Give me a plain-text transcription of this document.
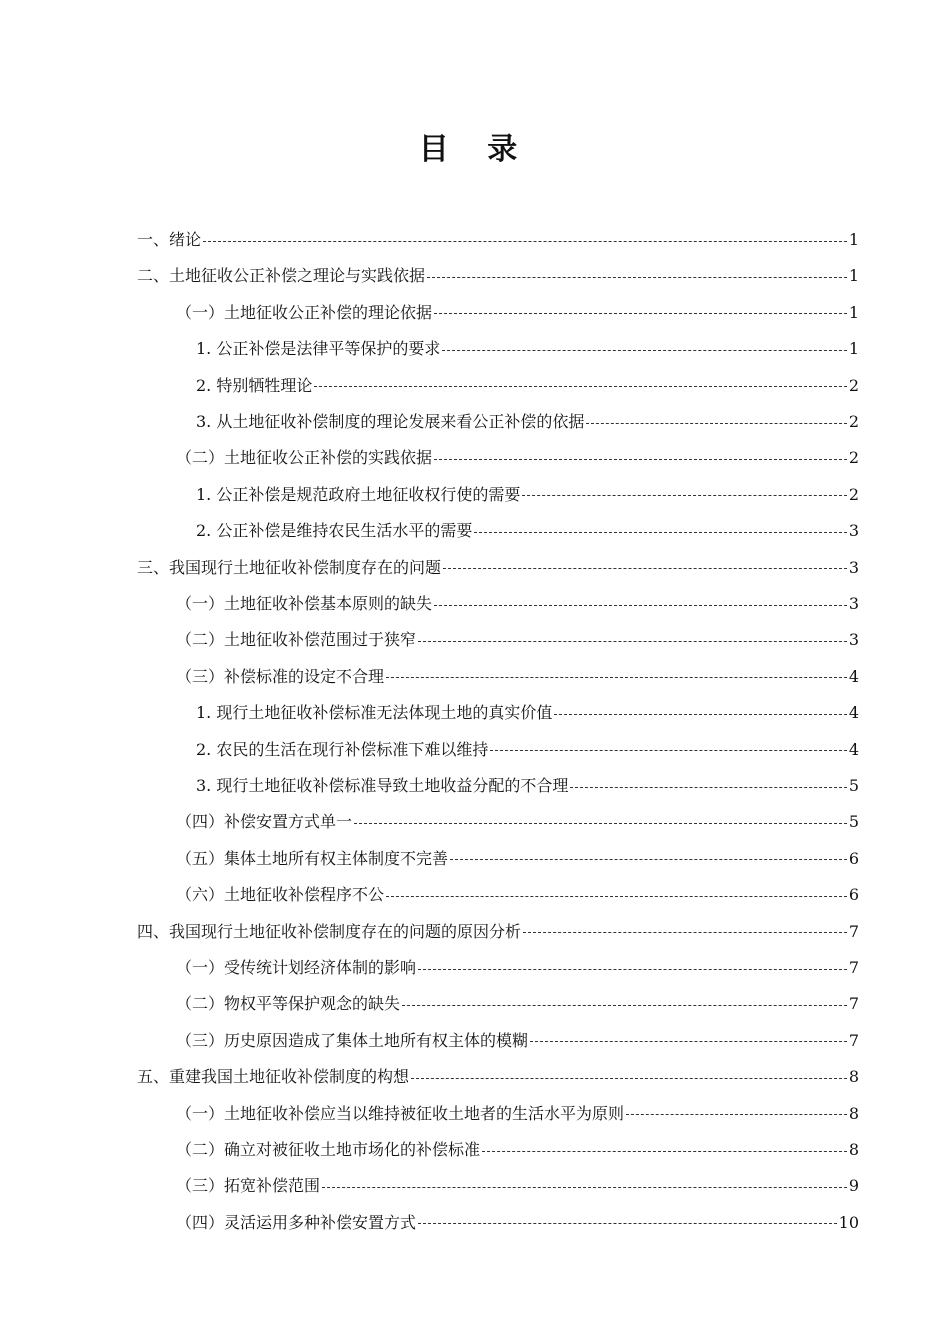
目 录
一、绪论	1
二、土地征收公正补偿之理论与实践依据	1
（一）土地征收公正补偿的理论依据	1
1. 公正补偿是法律平等保护的要求	1
2. 特别牺牲理论	2
3. 从土地征收补偿制度的理论发展来看公正补偿的依据	2
（二）土地征收公正补偿的实践依据	2
1. 公正补偿是规范政府土地征收权行使的需要	2
2. 公正补偿是维持农民生活水平的需要	3
三、我国现行土地征收补偿制度存在的问题	3
（一）土地征收补偿基本原则的缺失	3
（二）土地征收补偿范围过于狭窄	3
（三）补偿标准的设定不合理	4
1. 现行土地征收补偿标准无法体现土地的真实价值	4
2. 农民的生活在现行补偿标准下难以维持	4
3. 现行土地征收补偿标准导致土地收益分配的不合理	5
（四）补偿安置方式单一	5
（五）集体土地所有权主体制度不完善	6
（六）土地征收补偿程序不公	6
四、我国现行土地征收补偿制度存在的问题的原因分析	7
（一）受传统计划经济体制的影响	7
（二）物权平等保护观念的缺失	7
（三）历史原因造成了集体土地所有权主体的模糊	7
五、重建我国土地征收补偿制度的构想	8
（一）土地征收补偿应当以维持被征收土地者的生活水平为原则	8
（二）确立对被征收土地市场化的补偿标准	8
（三）拓宽补偿范围	9
（四）灵活运用多种补偿安置方式	10
